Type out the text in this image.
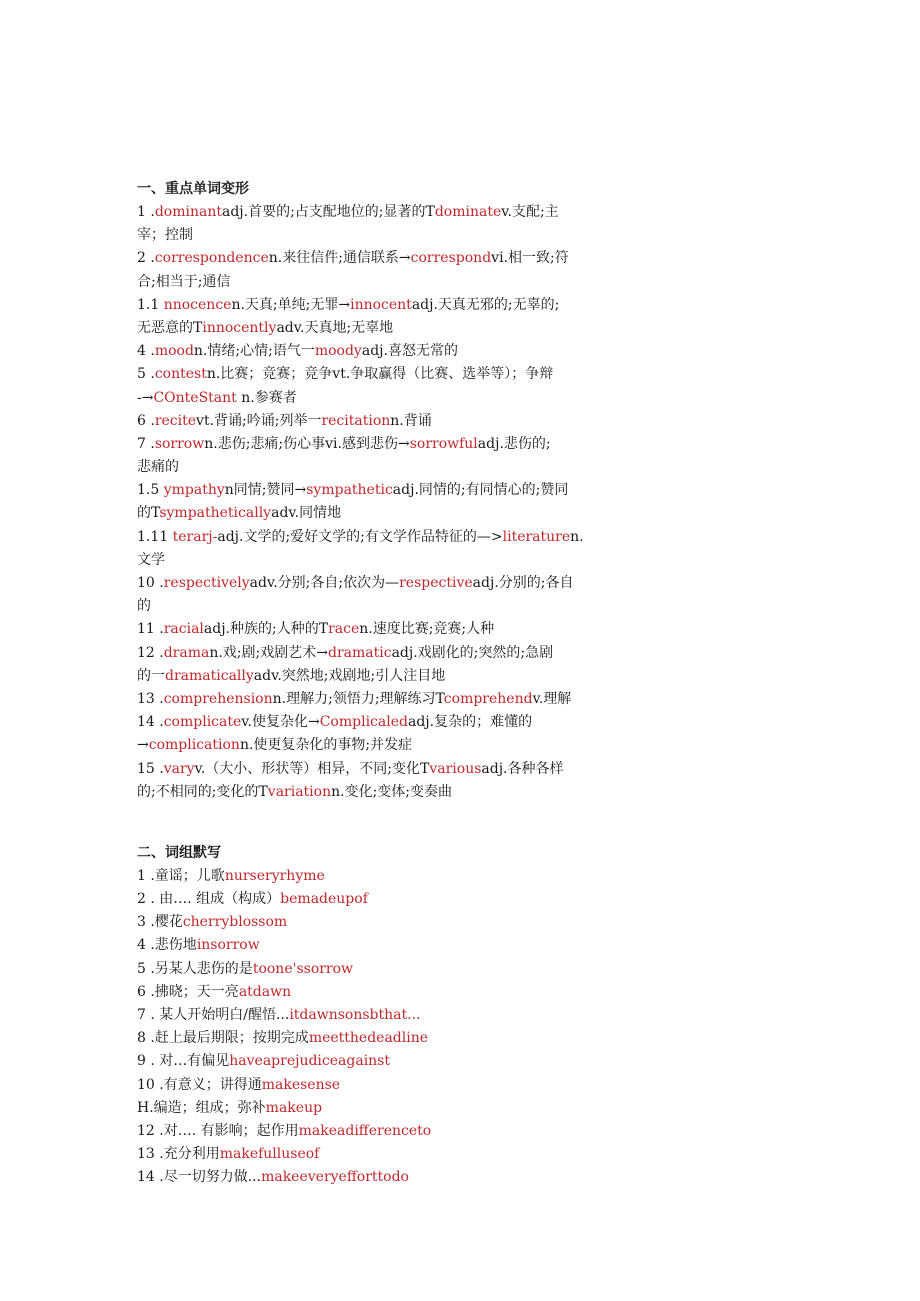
一、重点单词变形
1 .dominantadj.首要的;占支配地位的;显著的Tdominatev.支配;主
宰；控制
2 .correspondencen.来往信件;通信联系→correspondvi.相一致;符
合;相当于;通信
1.1 nnocencen.天真;单纯;无罪→innocentadj.天真无邪的;无辜的;
无恶意的Tinnocentlyadv.天真地;无辜地
4 .moodn.情绪;心情;语气一moodyadj.喜怒无常的
5 .contestn.比赛；竞赛；竞争vt.争取赢得（比赛、选举等）；争辩
-→COnteStant n.参赛者
6 .recitevt.背诵;吟诵;列举一recitationn.背诵
7 .sorrown.悲伤;悲痛;伤心事vi.感到悲伤→sorrowfuladj.悲伤的;
悲痛的
1.5 ympathyn同情;赞同→sympatheticadj.同情的;有同情心的;赞同
的Tsympatheticallyadv.同情地
1.11 terarj-adj.文学的;爱好文学的;有文学作品特征的—>literaturen.
文学
10 .respectivelyadv.分别;各自;依次为—respectiveadj.分别的;各自
的
11 .racialadj.种族的;人种的Tracen.速度比赛;竞赛;人种
12 .draman.戏;剧;戏剧艺术→dramaticadj.戏剧化的;突然的;急剧
的一dramaticallyadv.突然地;戏剧地;引人注目地
13 .comprehensionn.理解力;领悟力;理解练习Tcomprehendv.理解
14 .complicatev.使复杂化→Complicaledadj.复杂的；难懂的
→complicationn.使更复杂化的事物;并发症
15 .varyv.（大小、形状等）相异，不同;变化Tvariousadj.各种各样
的;不相同的;变化的Tvariationn.变化;变体;变奏曲
二、词组默写
1 .童谣；儿歌nurseryrhyme
2 . 由…. 组成（构成）bemadeupof
3 .樱花cherryblossom
4 .悲伤地insorrow
5 .另某人悲伤的是toone'ssorrow
6 .拂晓；天一亮atdawn
7 . 某人开始明白/醒悟...itdawnsonsbthat...
8 .赶上最后期限；按期完成meetthedeadline
9 . 对…有偏见haveaprejudiceagainst
10 .有意义；讲得通makesense
H.编造；组成；弥补makeup
12 .对…. 有影响；起作用makeadifferenceto
13 .充分利用makefulluseof
14 .尽一切努力做...makeeveryefforttodo
